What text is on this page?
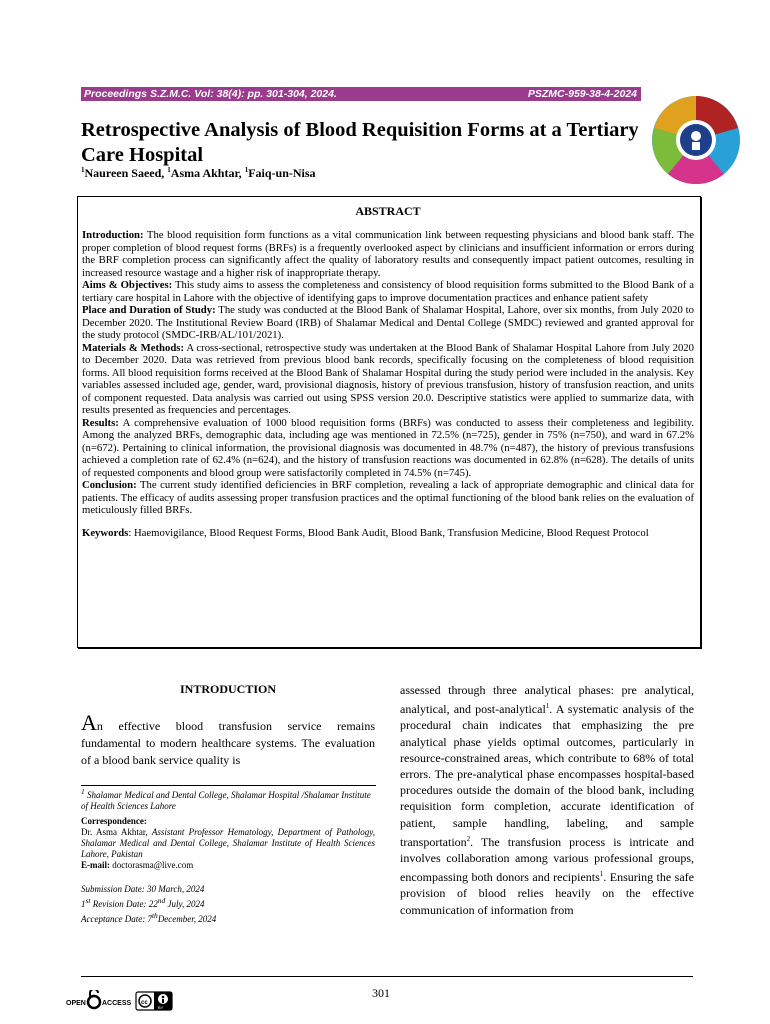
Proceedings S.Z.M.C. Vol: 38(4): pp. 301-304, 2024.	PSZMC-959-38-4-2024
Retrospective Analysis of Blood Requisition Forms at a Tertiary Care Hospital
$^1$Naureen Saeed, $^1$Asma Akhtar, $^1$Faiq-un-Nisa
ABSTRACT

Introduction: The blood requisition form functions as a vital communication link between requesting physicians and blood bank staff. The proper completion of blood request forms (BRFs) is a frequently overlooked aspect by clinicians and insufficient information or errors during the BRF completion process can significantly affect the quality of laboratory results and consequently impact patient outcomes, resulting in increased resource wastage and a higher risk of inappropriate therapy.

Aims & Objectives: This study aims to assess the completeness and consistency of blood requisition forms submitted to the Blood Bank of a tertiary care hospital in Lahore with the objective of identifying gaps to improve documentation practices and enhance patient safety

Place and Duration of Study: The study was conducted at the Blood Bank of Shalamar Hospital, Lahore, over six months, from July 2020 to December 2020. The Institutional Review Board (IRB) of Shalamar Medical and Dental College (SMDC) reviewed and granted approval for the study protocol (SMDC-IRB/AL/101/2021).

Materials & Methods: A cross-sectional, retrospective study was undertaken at the Blood Bank of Shalamar Hospital Lahore from July 2020 to December 2020. Data was retrieved from previous blood bank records, specifically focusing on the completeness of blood requisition forms. All blood requisition forms received at the Blood Bank of Shalamar Hospital during the study period were included in the analysis. Key variables assessed included age, gender, ward, provisional diagnosis, history of previous transfusion, history of transfusion reaction, and units of component requested. Data analysis was carried out using SPSS version 20.0. Descriptive statistics were applied to summarize data, with results presented as frequencies and percentages.

Results: A comprehensive evaluation of 1000 blood requisition forms (BRFs) was conducted to assess their completeness and legibility. Among the analyzed BRFs, demographic data, including age was mentioned in 72.5% (n=725), gender in 75% (n=750), and ward in 67.2% (n=672). Pertaining to clinical information, the provisional diagnosis was documented in 48.7% (n=487), the history of previous transfusions achieved a completion rate of 62.4% (n=624), and the history of transfusion reactions was documented in 62.8% (n=628). The details of units of requested components and blood group were satisfactorily completed in 74.5% (n=745).

Conclusion: The current study identified deficiencies in BRF completion, revealing a lack of appropriate demographic and clinical data for patients. The efficacy of audits assessing proper transfusion practices and the optimal functioning of the blood bank relies on the evaluation of meticulously filled BRFs.

Keywords: Haemovigilance, Blood Request Forms, Blood Bank Audit, Blood Bank, Transfusion Medicine, Blood Request Protocol

INTRODUCTION

An effective blood transfusion service remains fundamental to modern healthcare systems. The evaluation of a blood bank service quality is

$^1$ Shalamar Medical and Dental College, Shalamar Hospital /Shalamar Institute of Health Sciences Lahore
Correspondence:
Dr. Asma Akhtar, Assistant Professor Hematology, Department of Pathology, Shalamar Medical and Dental College, Shalamar Institute of Health Sciences Lahore, Pakistan
E-mail: doctorasma@live.com
Submission Date: 30 March, 2024
1st Revision Date: 22nd July, 2024
Acceptance Date: 7thDecember, 2024

assessed through three analytical phases: pre analytical, analytical, and post-analytical$^1$. A systematic analysis of the procedural chain indicates that emphasizing the pre analytical phase yields optimal outcomes, particularly in resource-constrained areas, which contribute to 68% of total errors. The pre-analytical phase encompasses hospital-based procedures outside the domain of the blood bank, including requisition form completion, accurate identification of patient, sample handling, labeling, and sample transportation$^2$. The transfusion process is intricate and involves collaboration among various professional groups, encompassing both donors and recipients$^1$. Ensuring the safe provision of blood relies heavily on the effective communication of information from

301
OPEN ACCESS cc
BY
